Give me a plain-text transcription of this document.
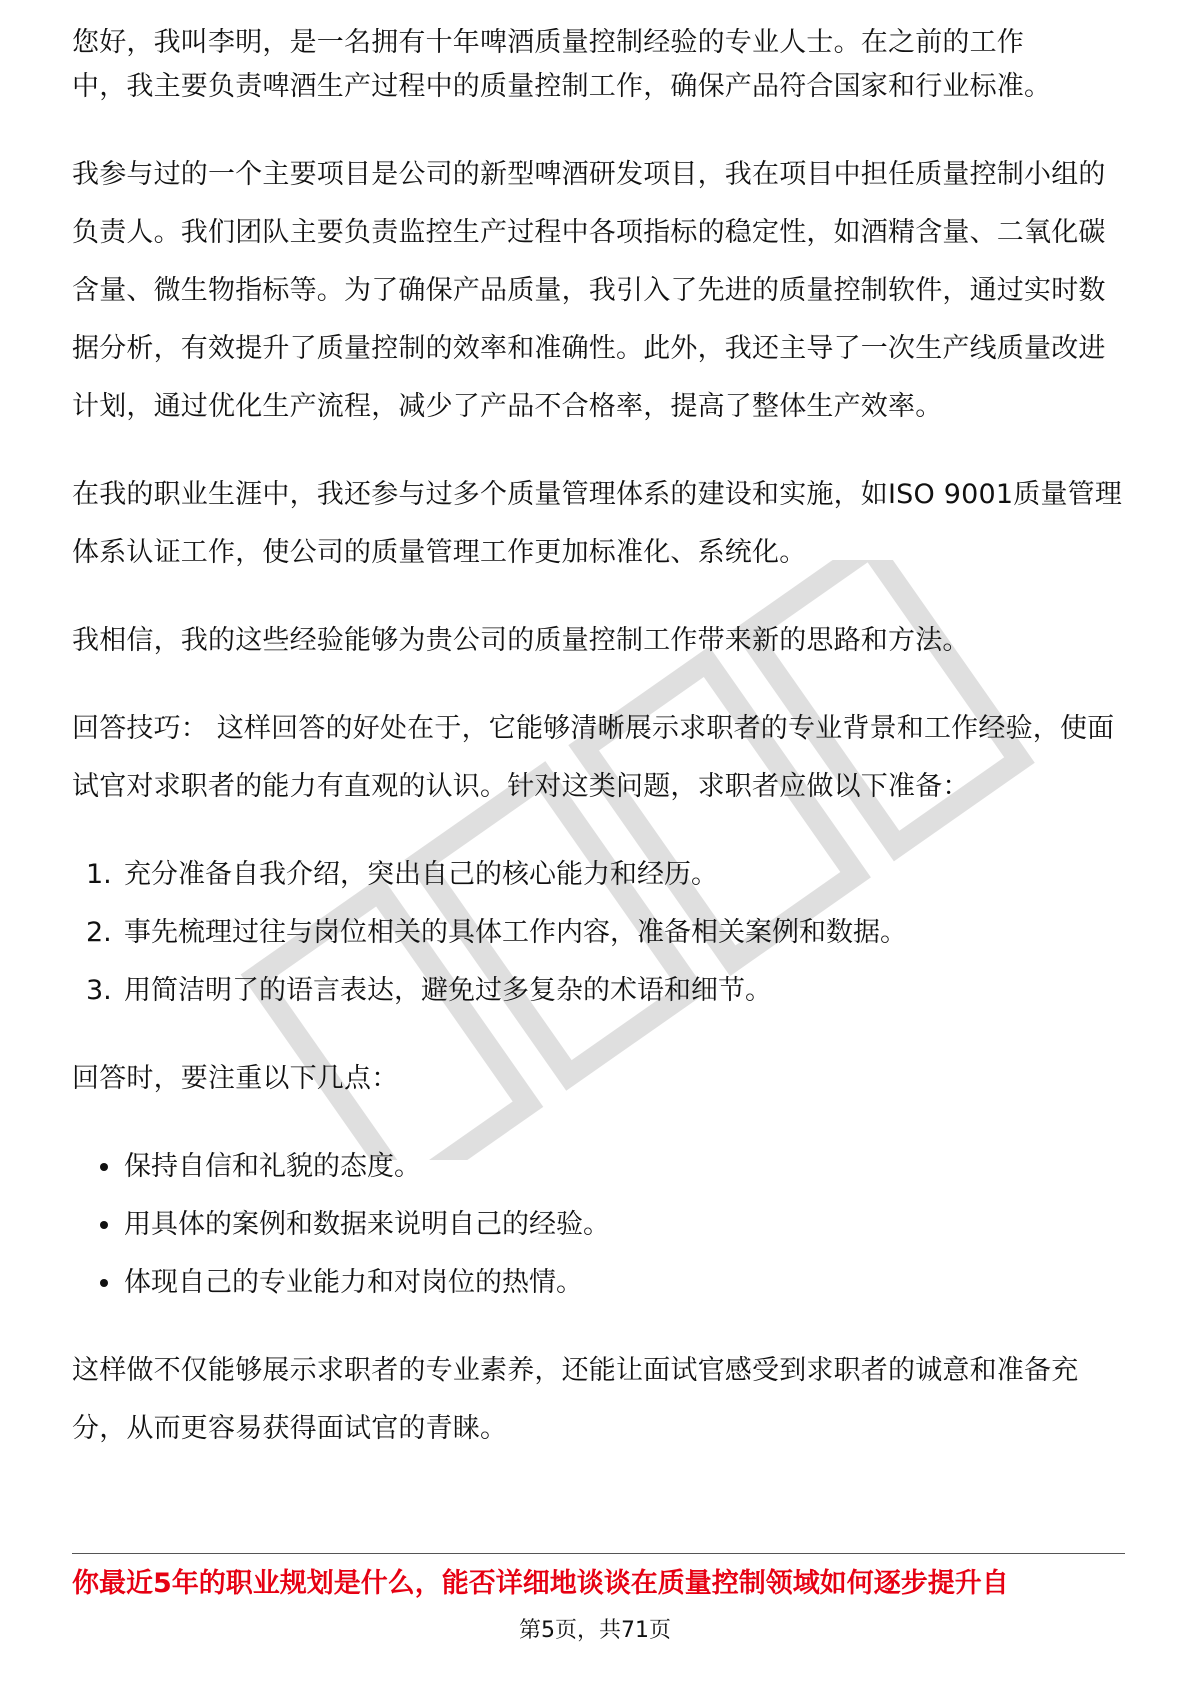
您好，我叫李明，是一名拥有十年啤酒质量控制经验的专业人士。在之前的工作

中，我主要负责啤酒生产过程中的质量控制工作，确保产品符合国家和行业标准。

我参与过的一个主要项目是公司的新型啤酒研发项目，我在项目中担任质量控制小组的负责人。我们团队主要负责监控生产过程中各项指标的稳定性，如酒精含量、二氧化碳含量、微生物指标等。为了确保产品质量，我引入了先进的质量控制软件，通过实时数据分析，有效提升了质量控制的效率和准确性。此外，我还主导了一次生产线质量改进计划，通过优化生产流程，减少了产品不合格率，提高了整体生产效率。

在我的职业生涯中，我还参与过多个质量管理体系的建设和实施，如ISO 9001质量管理体系认证工作，使公司的质量管理工作更加标准化、系统化。

我相信，我的这些经验能够为贵公司的质量控制工作带来新的思路和方法。

回答技巧： 这样回答的好处在于，它能够清晰展示求职者的专业背景和工作经验，使面试官对求职者的能力有直观的认识。针对这类问题，求职者应做以下准备：

1. 充分准备自我介绍，突出自己的核心能力和经历。
2. 事先梳理过往与岗位相关的具体工作内容，准备相关案例和数据。
3. 用简洁明了的语言表达，避免过多复杂的术语和细节。

回答时，要注重以下几点：

保持自信和礼貌的态度。
用具体的案例和数据来说明自己的经验。
体现自己的专业能力和对岗位的热情。

这样做不仅能够展示求职者的专业素养，还能让面试官感受到求职者的诚意和准备充分，从而更容易获得面试官的青睐。

你最近5年的职业规划是什么，能否详细地谈谈在质量控制领域如何逐步提升自
第5页，共71页
